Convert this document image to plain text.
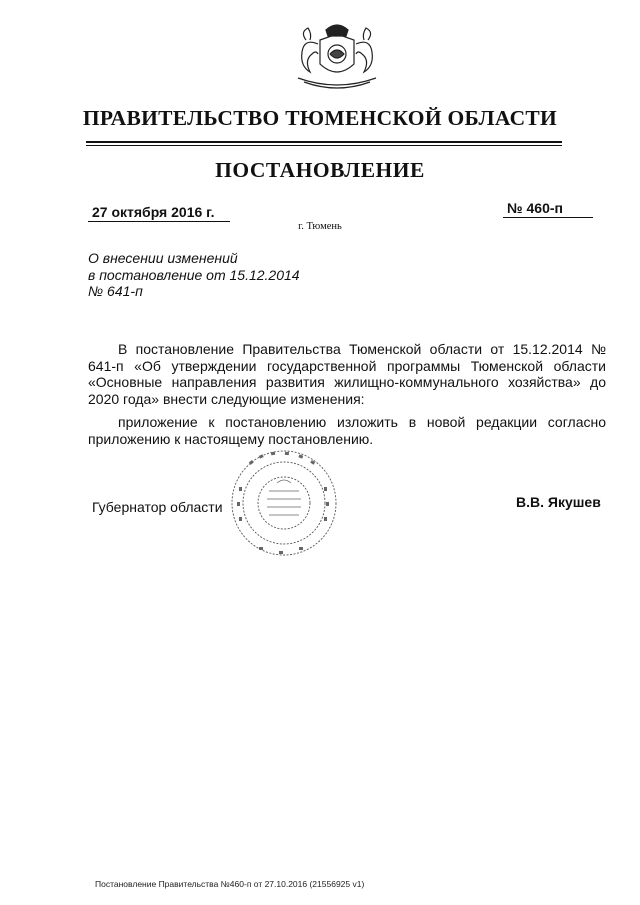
ПРАВИТЕЛЬСТВО ТЮМЕНСКОЙ ОБЛАСТИ
ПОСТАНОВЛЕНИЕ
27 октября 2016 г.	№ 460-п
г. Тюмень
О внесении изменений
в постановление от 15.12.2014
№ 641-п

В постановление Правительства Тюменской области от 15.12.2014 № 641-п «Об утверждении государственной программы Тюменской области «Основные направления развития жилищно-коммунального хозяйства» до 2020 года» внести следующие изменения:

приложение к постановлению изложить в новой редакции согласно приложению к настоящему постановлению.

Губернатор области	В.В. Якушев
Постановление Правительства №460-п от 27.10.2016 (21556925 v1)
